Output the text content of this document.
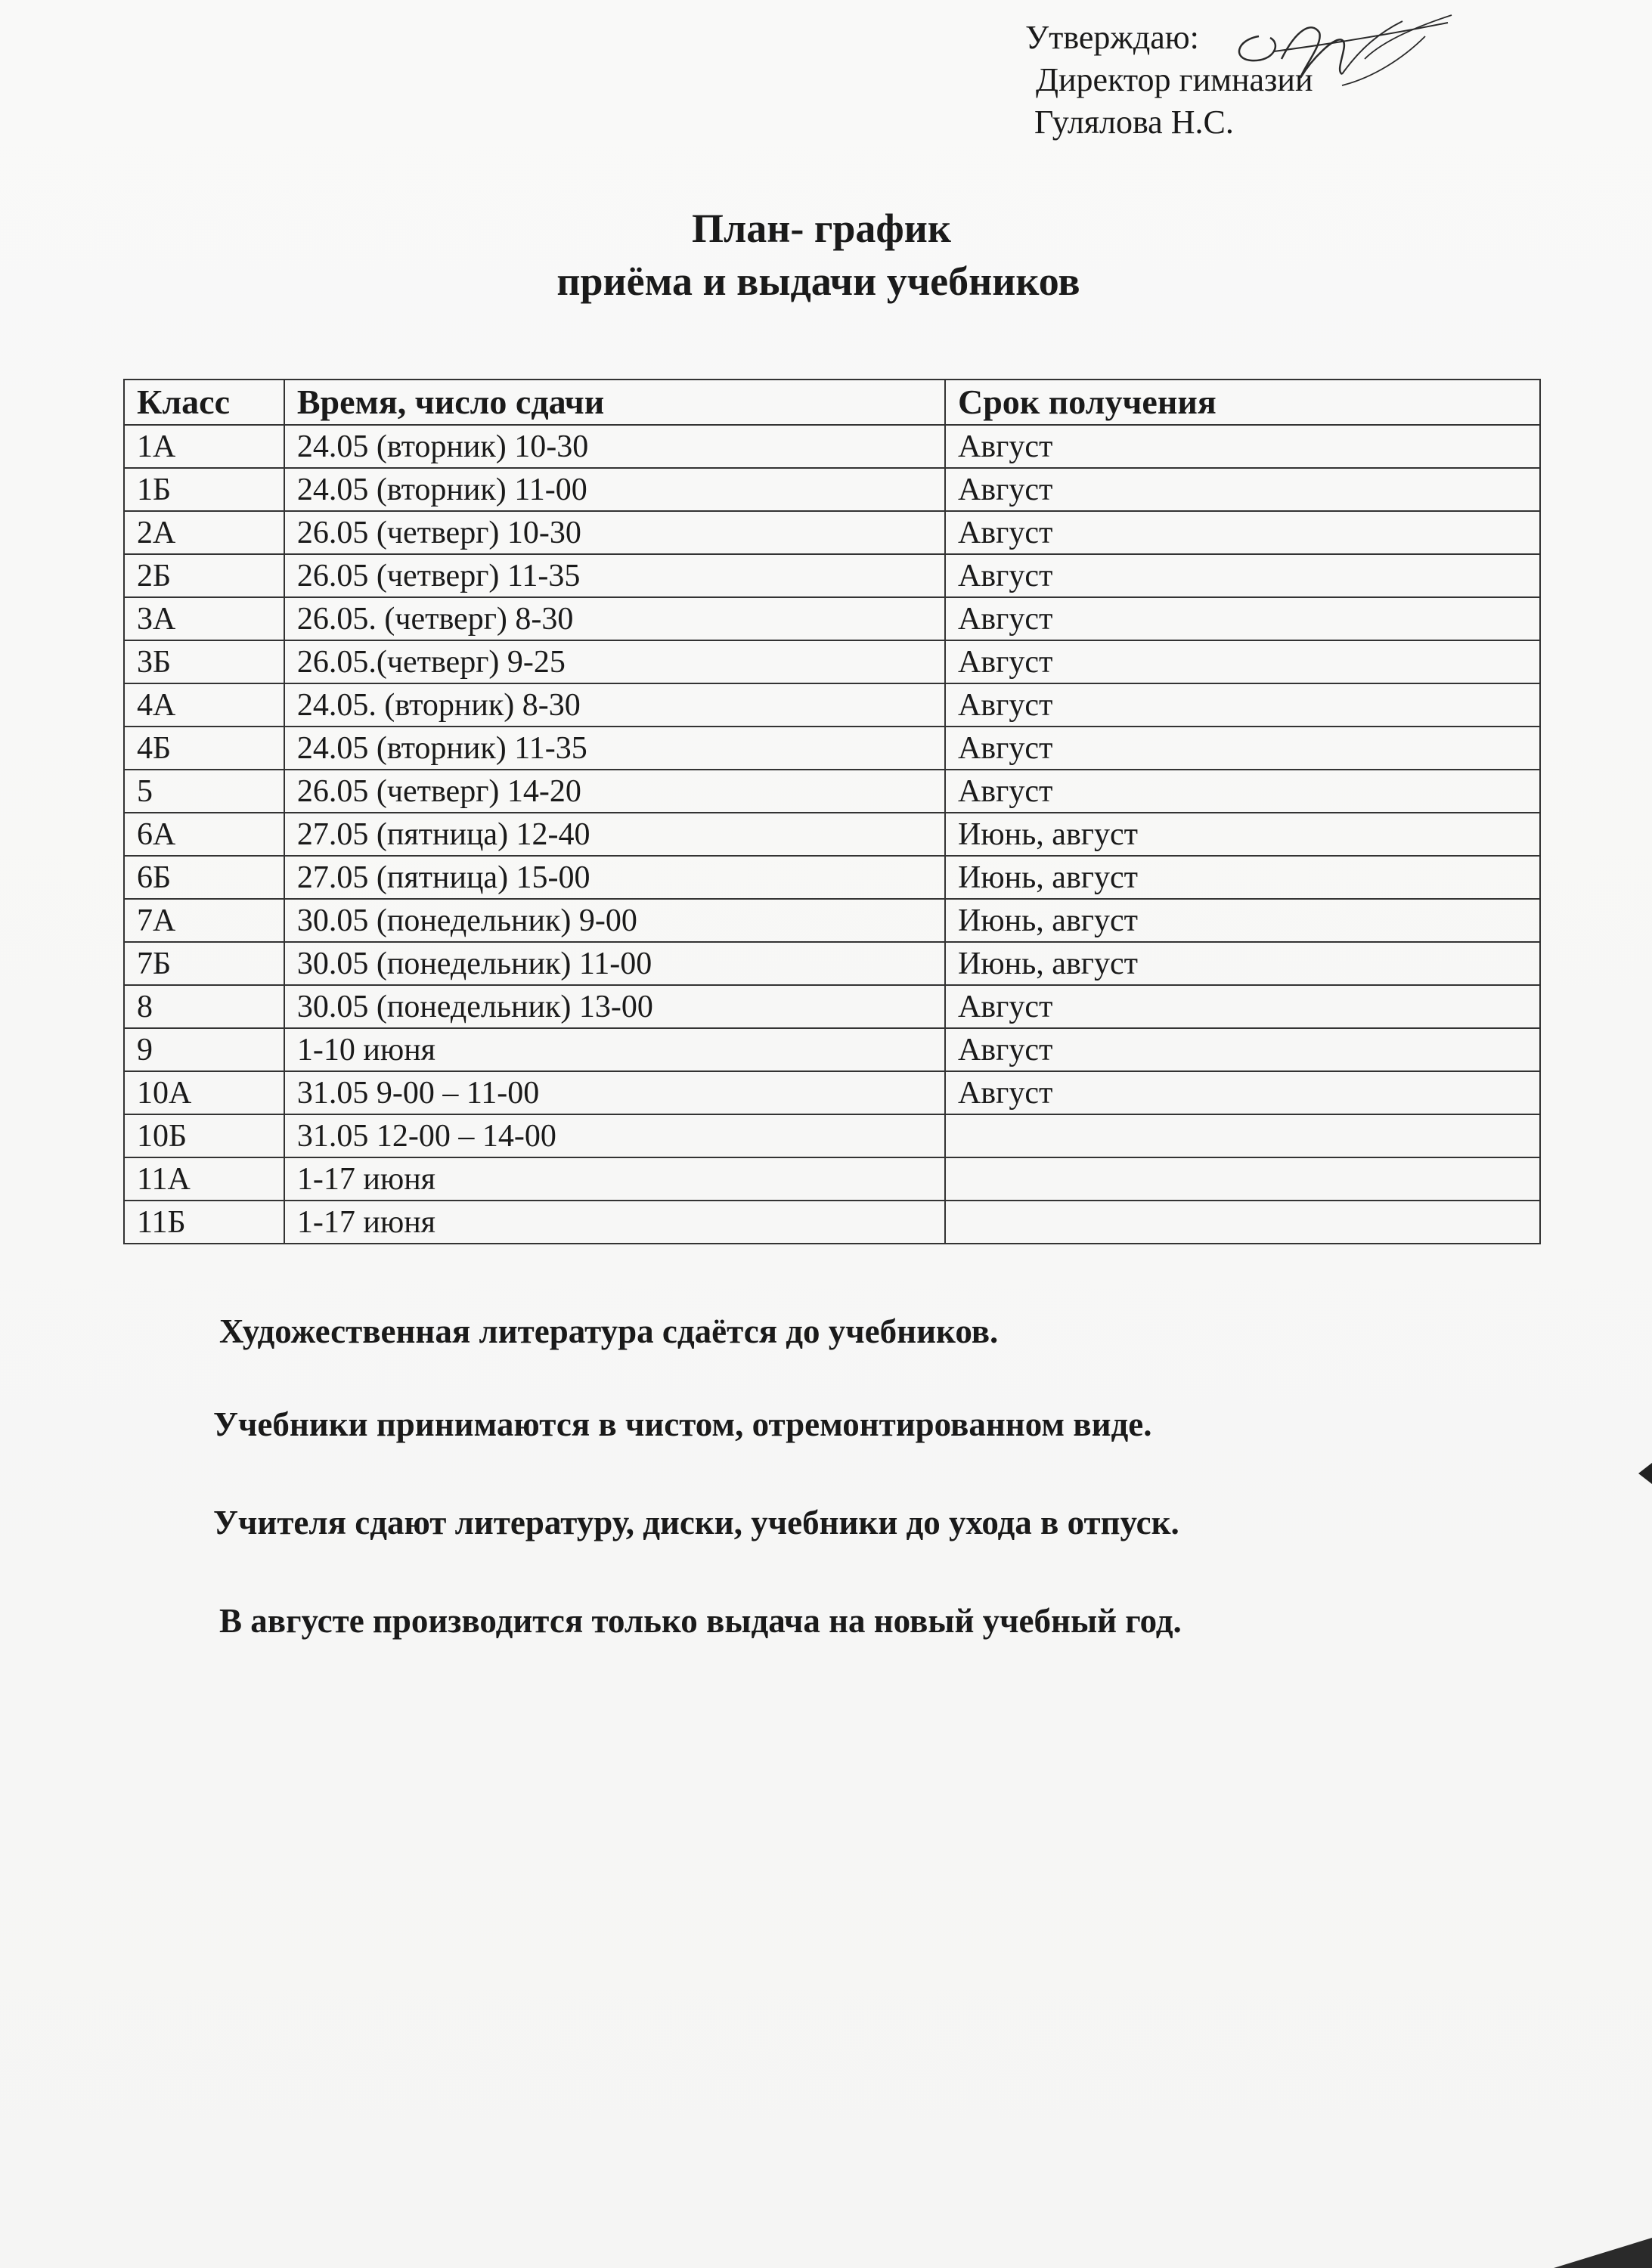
Утверждаю:
Директор гимназии
Гулялова Н.С.
План- график
приёма и выдачи учебников
Класс	Время, число сдачи	Срок получения
1А	24.05 (вторник) 10-30	Август
1Б	24.05 (вторник) 11-00	Август
2А	26.05 (четверг) 10-30	Август
2Б	26.05 (четверг) 11-35	Август
3А	26.05. (четверг) 8-30	Август
3Б	26.05.(четверг) 9-25	Август
4А	24.05. (вторник) 8-30	Август
4Б	24.05 (вторник) 11-35	Август
5	26.05 (четверг) 14-20	Август
6А	27.05 (пятница) 12-40	Июнь, август
6Б	27.05 (пятница) 15-00	Июнь, август
7А	30.05 (понедельник) 9-00	Июнь, август
7Б	30.05 (понедельник) 11-00	Июнь, август
8	30.05 (понедельник) 13-00	Август
9	1-10 июня	Август
10А	31.05 9-00 – 11-00	Август
10Б	31.05 12-00 – 14-00	
11А	1-17 июня	
11Б	1-17 июня	
Художественная литература сдаётся до учебников.
Учебники принимаются в чистом, отремонтированном виде.
Учителя сдают литературу, диски, учебники до ухода в отпуск.
В августе производится только выдача на новый учебный год.
